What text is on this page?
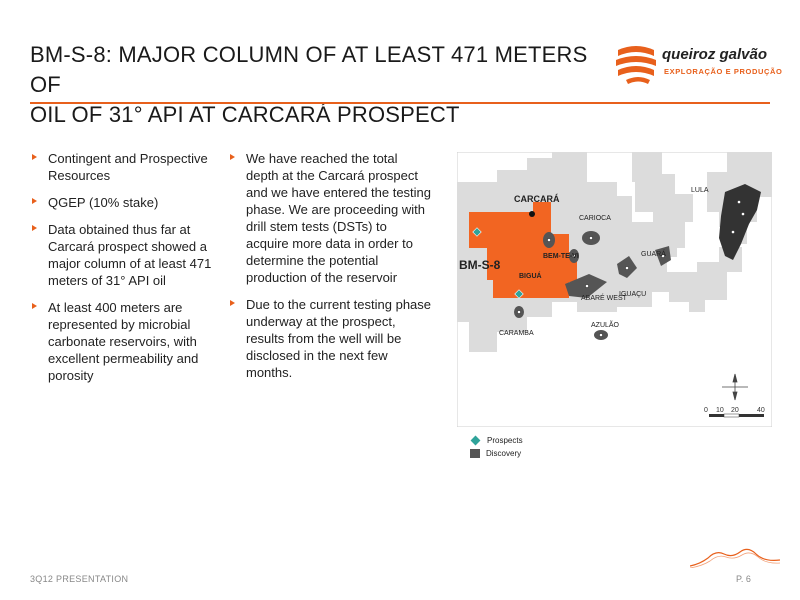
BM-S-8: MAJOR COLUMN OF AT LEAST 471 METERS OF
OIL OF 31° API AT CARCARÁ PROSPECT
queiroz galvão
EXPLORAÇÃO E PRODUÇÃO
Contingent and Prospective Resources
QGEP (10% stake)
Data obtained thus far at Carcará prospect showed a major column of at least 471 meters of 31° API oil
At least 400 meters are represented by microbial carbonate reservoirs, with excellent permeability and porosity
We have reached the total depth at the Carcará prospect and we have entered the testing phase. We are proceeding with drill stem tests (DSTs) to acquire more data in order to determine the potential production of the reservoir
Due to the current testing phase underway at the prospect, results from the well will be disclosed in the next few months.
CARCARÁ
BM-S-8
BEM-TE-VI
BIGUÁ
CARIOCA
GUARÁ
IGUAÇU
ABARÉ WEST
CARAMBA
AZULÃO
LULA
0 10 20	40
Prospects
Discovery
3Q12 PRESENTATION	P. 6
